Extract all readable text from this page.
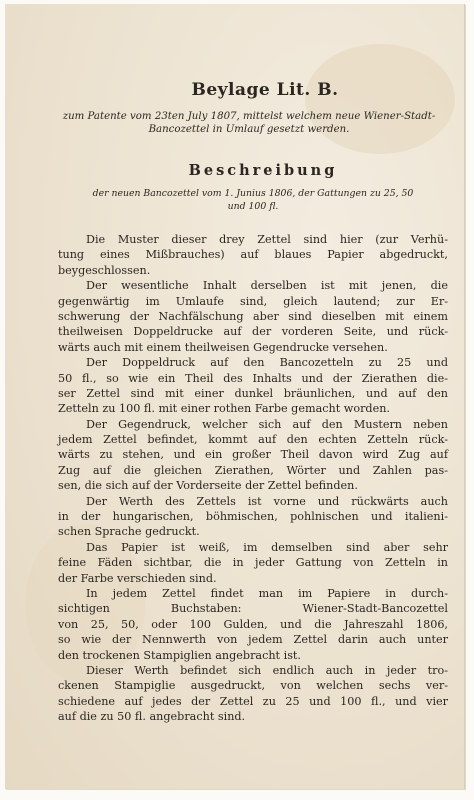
Beylage Lit. B.
zum Patente vom 23ten July 1807, mittelst welchem neue Wiener-Stadt-
Bancozettel in Umlauf gesetzt werden.
Beschreibung
der neuen Bancozettel vom 1. Junius 1806, der Gattungen zu 25, 50
und 100 fl.
Die Muster dieser drey Zettel sind hier (zur Verhü-
tung eines Mißbrauches) auf blaues Papier abgedruckt,
beygeschlossen.
Der wesentliche Inhalt derselben ist mit jenen, die
gegenwärtig im Umlaufe sind, gleich lautend; zur Er-
schwerung der Nachfälschung aber sind dieselben mit einem
theilweisen Doppeldrucke auf der vorderen Seite, und rück-
wärts auch mit einem theilweisen Gegendrucke versehen.
Der Doppeldruck auf den Bancozetteln zu 25 und
50 fl., so wie ein Theil des Inhalts und der Zierathen die-
ser Zettel sind mit einer dunkel bräunlichen, und auf den
Zetteln zu 100 fl. mit einer rothen Farbe gemacht worden.
Der Gegendruck, welcher sich auf den Mustern neben
jedem Zettel befindet, kommt auf den echten Zetteln rück-
wärts zu stehen, und ein großer Theil davon wird Zug auf
Zug auf die gleichen Zierathen, Wörter und Zahlen pas-
sen, die sich auf der Vorderseite der Zettel befinden.
Der Werth des Zettels ist vorne und rückwärts auch
in der hungarischen, böhmischen, pohlnischen und italieni-
schen Sprache gedruckt.
Das Papier ist weiß, im demselben sind aber sehr
feine Fäden sichtbar, die in jeder Gattung von Zetteln in
der Farbe verschieden sind.
In jedem Zettel findet man im Papiere in durch-
sichtigen Buchstaben: Wiener-Stadt-Bancozettel
von 25, 50, oder 100 Gulden, und die Jahreszahl 1806,
so wie der Nennwerth von jedem Zettel darin auch unter
den trockenen Stampiglien angebracht ist.
Dieser Werth befindet sich endlich auch in jeder tro-
ckenen Stampiglie ausgedruckt, von welchen sechs ver-
schiedene auf jedes der Zettel zu 25 und 100 fl., und vier
auf die zu 50 fl. angebracht sind.
